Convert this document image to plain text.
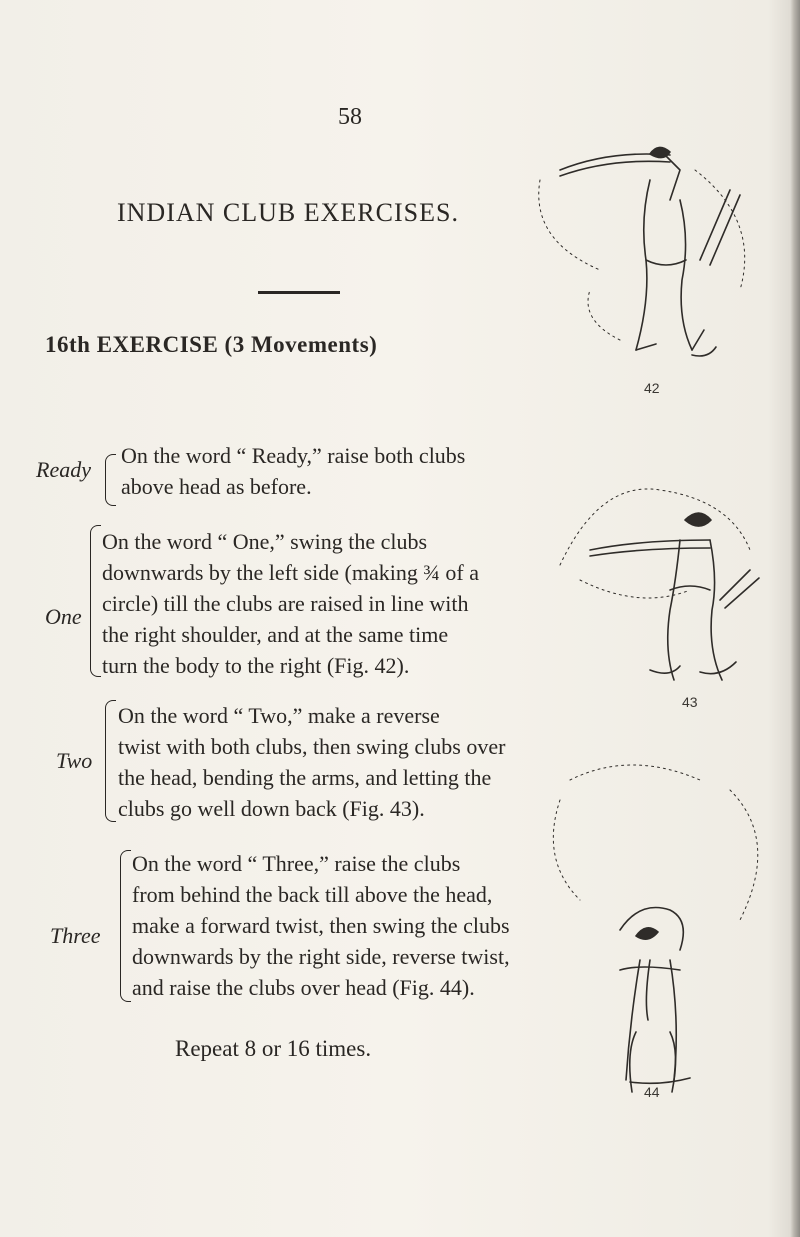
58
INDIAN CLUB EXERCISES.
16th EXERCISE (3 Movements)
42
43
44
Ready
On the word “ Ready,” raise both clubs
above head as before.
One
On the word “ One,” swing the clubs
downwards by the left side (making ¾ of a
circle) till the clubs are raised in line with
the right shoulder, and at the same time
turn the body to the right (Fig. 42).
Two
On the word “ Two,” make a reverse
twist with both clubs, then swing clubs over
the head, bending the arms, and letting the
clubs go well down back (Fig. 43).
Three
On the word “ Three,” raise the clubs
from behind the back till above the head,
make a forward twist, then swing the clubs
downwards by the right side, reverse twist,
and raise the clubs over head (Fig. 44).
Repeat 8 or 16 times.
